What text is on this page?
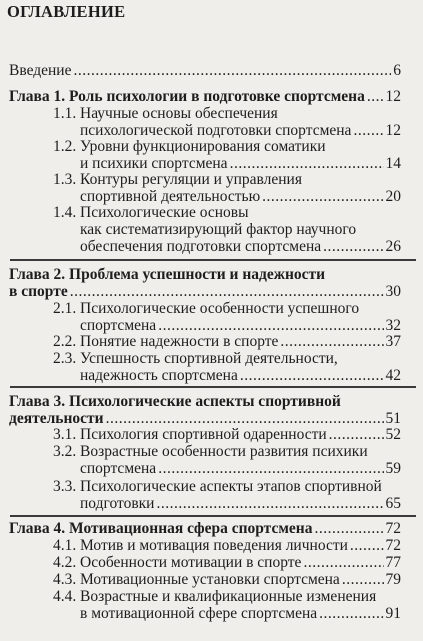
ОГЛАВЛЕНИЕ
Введение .....	6
Глава 1. Роль психологии в подготовке спортсмена ..... 12
1.1. Научные основы обеспечения
психологической подготовки спортсмена ..... 12
1.2. Уровни функционирования соматики
и психики спортсмена .....	14
1.3. Контуры регуляции и управления
спортивной деятельностью .....	20
1.4. Психологические основы
как систематизирующий фактор научного
обеспечения подготовки спортсмена .....	26
Глава 2. Проблема успешности и надежности
в спорте .....	30
2.1. Психологические особенности успешного
спортсмена .....	32
2.2. Понятие надежности в спорте .....	37
2.3. Успешность спортивной деятельности,
надежность спортсмена .....	42
Глава 3. Психологические аспекты спортивной
деятельности .....	51
3.1. Психология спортивной одаренности .....	52
3.2. Возрастные особенности развития психики
спортсмена .....	59
3.3. Психологические аспекты этапов спортивной
подготовки .....	65
Глава 4. Мотивационная сфера спортсмена .....	72
4.1. Мотив и мотивация поведения личности ..... 72
4.2. Особенности мотивации в спорте .....	77
4.3. Мотивационные установки спортсмена .....	79
4.4. Возрастные и квалификационные изменения
в мотивационной сфере спортсмена .....	91
